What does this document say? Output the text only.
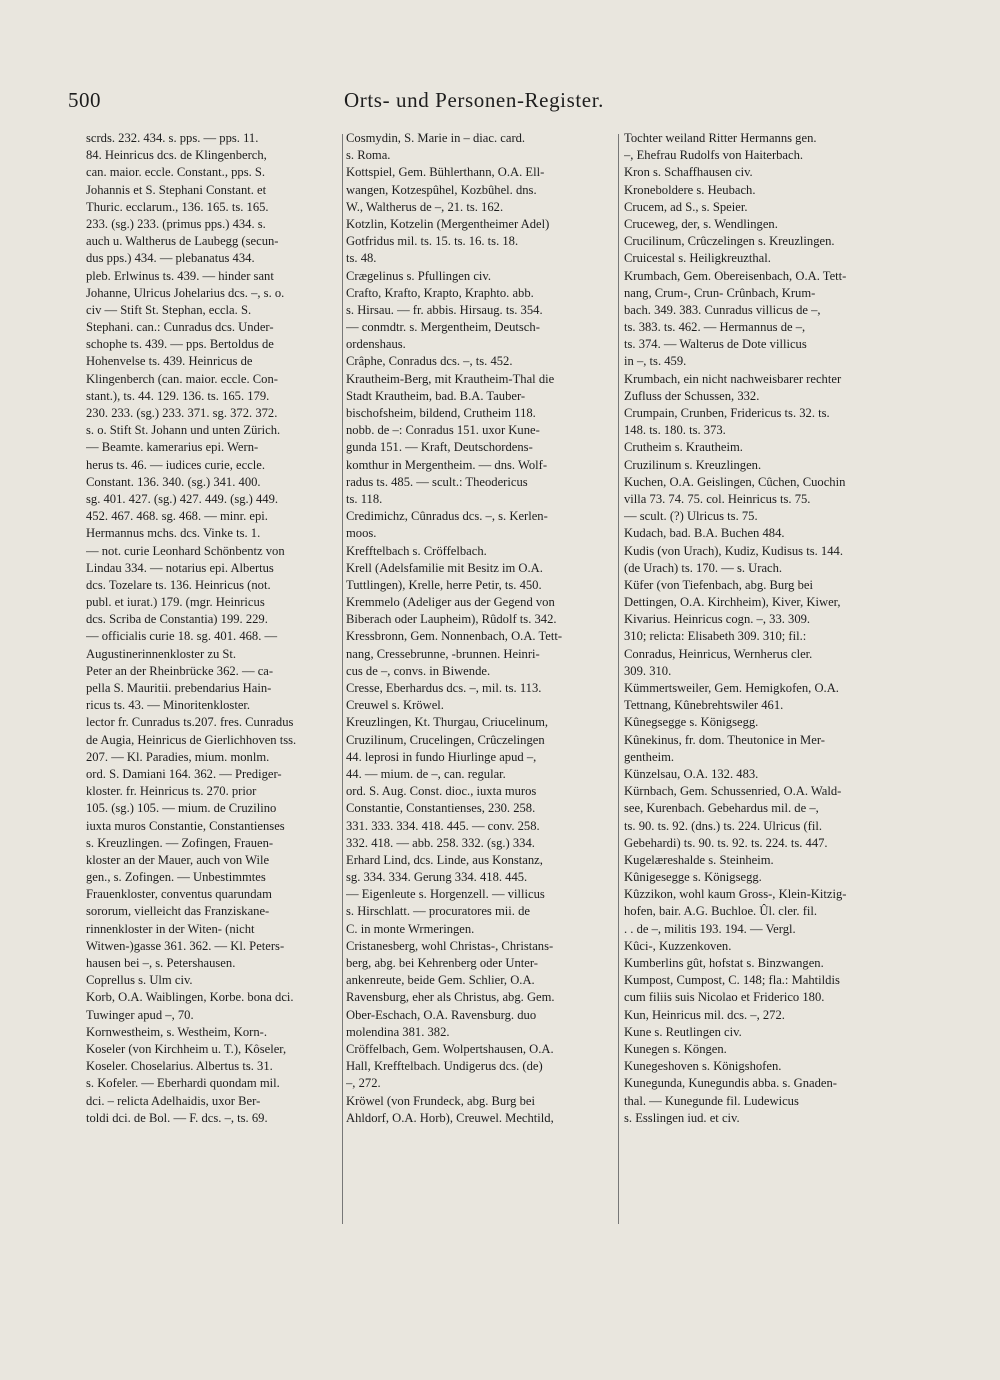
500	Orts- und Personen-Register.
scrds. 232. 434. s. pps. — pps. 11.
84. Heinricus dcs. de Klingenberch,
can. maior. eccle. Constant., pps. S.
Johannis et S. Stephani Constant. et
Thuric. ecclarum., 136. 165. ts. 165.
233. (sg.) 233. (primus pps.) 434. s.
auch u. Waltherus de Laubegg (secun-
dus pps.) 434. — plebanatus 434.
pleb. Erlwinus ts. 439. — hinder sant
Johanne, Ulricus Johelarius dcs. –, s. o.
civ — Stift St. Stephan, eccla. S.
Stephani. can.: Cunradus dcs. Under-
schophe ts. 439. — pps. Bertoldus de
Hohenvelse ts. 439. Heinricus de
Klingenberch (can. maior. eccle. Con-
stant.), ts. 44. 129. 136. ts. 165. 179.
230. 233. (sg.) 233. 371. sg. 372. 372.
s. o. Stift St. Johann und unten Zürich.
— Beamte. kamerarius epi. Wern-
herus ts. 46. — iudices curie, eccle.
Constant. 136. 340. (sg.) 341. 400.
sg. 401. 427. (sg.) 427. 449. (sg.) 449.
452. 467. 468. sg. 468. — minr. epi.
Hermannus mchs. dcs. Vinke ts. 1.
— not. curie Leonhard Schönbentz von
Lindau 334. — notarius epi. Albertus
dcs. Tozelare ts. 136. Heinricus (not.
publ. et iurat.) 179. (mgr. Heinricus
dcs. Scriba de Constantia) 199. 229.
— officialis curie 18. sg. 401. 468. —
Augustinerinnenkloster zu St.
Peter an der Rheinbrücke 362. — ca-
pella S. Mauritii. prebendarius Hain-
ricus ts. 43. — Minoritenkloster.
lector fr. Cunradus ts.207. fres. Cunradus
de Augia, Heinricus de Gierlichhoven tss.
207. — Kl. Paradies, mium. monlm.
ord. S. Damiani 164. 362. — Prediger-
kloster. fr. Heinricus ts. 270. prior
105. (sg.) 105. — mium. de Cruzilino
iuxta muros Constantie, Constantienses
s. Kreuzlingen. — Zofingen, Frauen-
kloster an der Mauer, auch von Wile
gen., s. Zofingen. — Unbestimmtes
Frauenkloster, conventus quarundam
sororum, vielleicht das Franziskane-
rinnenkloster in der Witen- (nicht
Witwen-)gasse 361. 362. — Kl. Peters-
hausen bei –, s. Petershausen.
Coprellus s. Ulm civ.
Korb, O.A. Waiblingen, Korbe. bona dci.
Tuwinger apud –, 70.
Kornwestheim, s. Westheim, Korn-.
Koseler (von Kirchheim u. T.), Kôseler,
Koseler. Choselarius. Albertus ts. 31.
s. Kofeler. — Eberhardi quondam mil.
dci. – relicta Adelhaidis, uxor Ber-
toldi dci. de Bol. — F. dcs. –, ts. 69.
Cosmydin, S. Marie in – diac. card.
s. Roma.
Kottspiel, Gem. Bühlerthann, O.A. Ell-
wangen, Kotzespûhel, Kozbûhel. dns.
W., Waltherus de –, 21. ts. 162.
Kotzlin, Kotzelin (Mergentheimer Adel)
Gotfridus mil. ts. 15. ts. 16. ts. 18.
ts. 48.
Crægelinus s. Pfullingen civ.
Crafto, Krafto, Krapto, Kraphto. abb.
s. Hirsau. — fr. abbis. Hirsaug. ts. 354.
— conmdtr. s. Mergentheim, Deutsch-
ordenshaus.
Crâphe, Conradus dcs. –, ts. 452.
Krautheim-Berg, mit Krautheim-Thal die
Stadt Krautheim, bad. B.A. Tauber-
bischofsheim, bildend, Crutheim 118.
nobb. de –: Conradus 151. uxor Kune-
gunda 151. — Kraft, Deutschordens-
komthur in Mergentheim. — dns. Wolf-
radus ts. 485. — scult.: Theodericus
ts. 118.
Credimichz, Cûnradus dcs. –, s. Kerlen-
moos.
Krefftelbach s. Cröffelbach.
Krell (Adelsfamilie mit Besitz im O.A.
Tuttlingen), Krelle, herre Petir, ts. 450.
Kremmelo (Adeliger aus der Gegend von
Biberach oder Laupheim), Rûdolf ts. 342.
Kressbronn, Gem. Nonnenbach, O.A. Tett-
nang, Cressebrunne, -brunnen. Heinri-
cus de –, convs. in Biwende.
Cresse, Eberhardus dcs. –, mil. ts. 113.
Creuwel s. Kröwel.
Kreuzlingen, Kt. Thurgau, Criucelinum,
Cruzilinum, Crucelingen, Crûczelingen
44. leprosi in fundo Hiurlinge apud –,
44. — mium. de –, can. regular.
ord. S. Aug. Const. dioc., iuxta muros
Constantie, Constantienses, 230. 258.
331. 333. 334. 418. 445. — conv. 258.
332. 418. — abb. 258. 332. (sg.) 334.
Erhard Lind, dcs. Linde, aus Konstanz,
sg. 334. 334. Gerung 334. 418. 445.
— Eigenleute s. Horgenzell. — villicus
s. Hirschlatt. — procuratores mii. de
C. in monte Wrmeringen.
Cristanesberg, wohl Christas-, Christans-
berg, abg. bei Kehrenberg oder Unter-
ankenreute, beide Gem. Schlier, O.A.
Ravensburg, eher als Christus, abg. Gem.
Ober-Eschach, O.A. Ravensburg. duo
molendina 381. 382.
Cröffelbach, Gem. Wolpertshausen, O.A.
Hall, Krefftelbach. Undigerus dcs. (de)
–, 272.
Kröwel (von Frundeck, abg. Burg bei
Ahldorf, O.A. Horb), Creuwel. Mechtild,
Tochter weiland Ritter Hermanns gen.
–, Ehefrau Rudolfs von Haiterbach.
Kron s. Schaffhausen civ.
Kroneboldere s. Heubach.
Crucem, ad S., s. Speier.
Cruceweg, der, s. Wendlingen.
Crucilinum, Crûczelingen s. Kreuzlingen.
Cruicestal s. Heiligkreuzthal.
Krumbach, Gem. Obereisenbach, O.A. Tett-
nang, Crum-, Crun- Crûnbach, Krum-
bach. 349. 383. Cunradus villicus de –,
ts. 383. ts. 462. — Hermannus de –,
ts. 374. — Walterus de Dote villicus
in –, ts. 459.
Krumbach, ein nicht nachweisbarer rechter
Zufluss der Schussen, 332.
Crumpain, Crunben, Fridericus ts. 32. ts.
148. ts. 180. ts. 373.
Crutheim s. Krautheim.
Cruzilinum s. Kreuzlingen.
Kuchen, O.A. Geislingen, Cûchen, Cuochin
villa 73. 74. 75. col. Heinricus ts. 75.
— scult. (?) Ulricus ts. 75.
Kudach, bad. B.A. Buchen 484.
Kudis (von Urach), Kudiz, Kudisus ts. 144.
(de Urach) ts. 170. — s. Urach.
Küfer (von Tiefenbach, abg. Burg bei
Dettingen, O.A. Kirchheim), Kiver, Kiwer,
Kivarius. Heinricus cogn. –, 33. 309.
310; relicta: Elisabeth 309. 310; fil.:
Conradus, Heinricus, Wernherus cler.
309. 310.
Kümmertsweiler, Gem. Hemigkofen, O.A.
Tettnang, Kûnebrehtswiler 461.
Kûnegsegge s. Königsegg.
Kûnekinus, fr. dom. Theutonice in Mer-
gentheim.
Künzelsau, O.A. 132. 483.
Kürnbach, Gem. Schussenried, O.A. Wald-
see, Kurenbach. Gebehardus mil. de –,
ts. 90. ts. 92. (dns.) ts. 224. Ulricus (fil.
Gebehardi) ts. 90. ts. 92. ts. 224. ts. 447.
Kugelæreshalde s. Steinheim.
Kûnigesegge s. Königsegg.
Kûzzikon, wohl kaum Gross-, Klein-Kitzig-
hofen, bair. A.G. Buchloe. Ûl. cler. fil.
. . de –, militis 193. 194. — Vergl.
Kûci-, Kuzzenkoven.
Kumberlins gût, hofstat s. Binzwangen.
Kumpost, Cumpost, C. 148; fla.: Mahtildis
cum filiis suis Nicolao et Friderico 180.
Kun, Heinricus mil. dcs. –, 272.
Kune s. Reutlingen civ.
Kunegen s. Köngen.
Kunegeshoven s. Königshofen.
Kunegunda, Kunegundis abba. s. Gnaden-
thal. — Kunegunde fil. Ludewicus
s. Esslingen iud. et civ.
